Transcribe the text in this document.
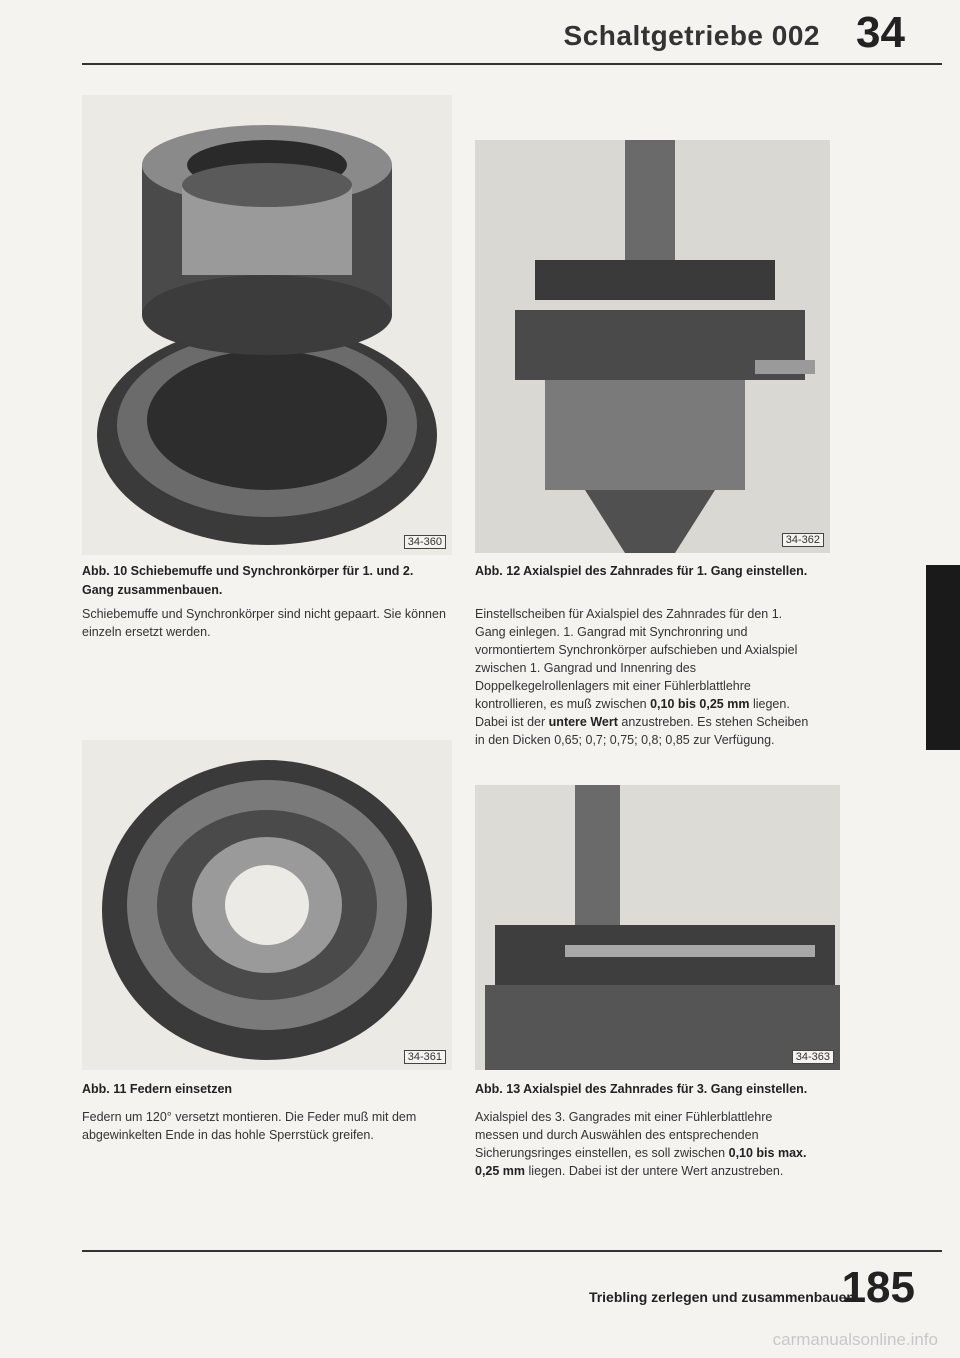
Schaltgetriebe 002 34
34-360
Abb. 10 Schiebemuffe und Synchronkörper für 1. und 2. Gang zusammenbauen.
Schiebemuffe und Synchronkörper sind nicht gepaart. Sie können einzeln ersetzt werden.
34-362
Abb. 12 Axialspiel des Zahnrades für 1. Gang einstellen.
Einstellscheiben für Axialspiel des Zahnrades für den 1. Gang einlegen. 1. Gangrad mit Synchronring und vormontiertem Synchronkörper aufschieben und Axialspiel zwischen 1. Gangrad und Innenring des Doppelkegelrollenlagers mit einer Fühlerblattlehre kontrollieren, es muß zwischen 0,10 bis 0,25 mm liegen. Dabei ist der untere Wert anzustreben. Es stehen Scheiben in den Dicken 0,65; 0,7; 0,75; 0,8; 0,85 zur Verfügung.
34-361
Abb. 11 Federn einsetzen
Federn um 120° versetzt montieren. Die Feder muß mit dem abgewinkelten Ende in das hohle Sperrstück greifen.
34-363
Abb. 13 Axialspiel des Zahnrades für 3. Gang einstellen.
Axialspiel des 3. Gangrades mit einer Fühlerblattlehre messen und durch Auswählen des entsprechenden Sicherungsringes einstellen, es soll zwischen 0,10 bis max. 0,25 mm liegen. Dabei ist der untere Wert anzustreben.
Triebling zerlegen und zusammenbauen
185
carmanualsonline.info
